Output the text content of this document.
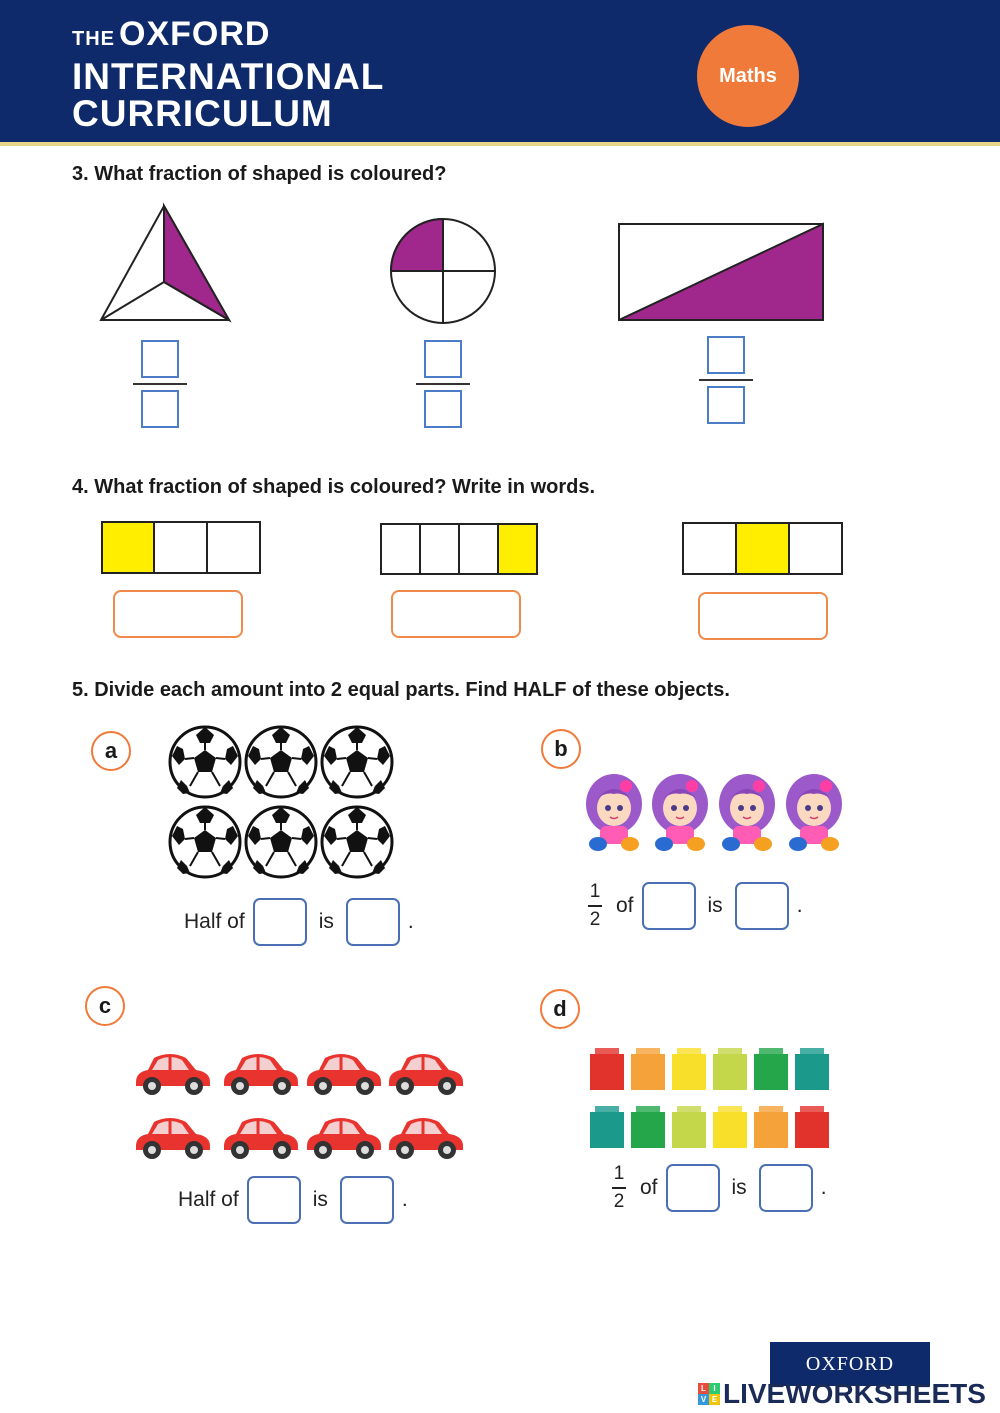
THE OXFORD
INTERNATIONAL
CURRICULUM
Maths
3. What fraction of shaped is coloured?
4. What fraction of shaped is coloured? Write in words.
5. Divide each amount into 2 equal parts. Find HALF of these objects.
a
Half of	is	.
b
$\frac{1}{2}$ of	is	.
c
Half of	is	.
d
$\frac{1}{2}$ of	is	.
OXFORD
L I
V E LIVEWORKSHEETS
